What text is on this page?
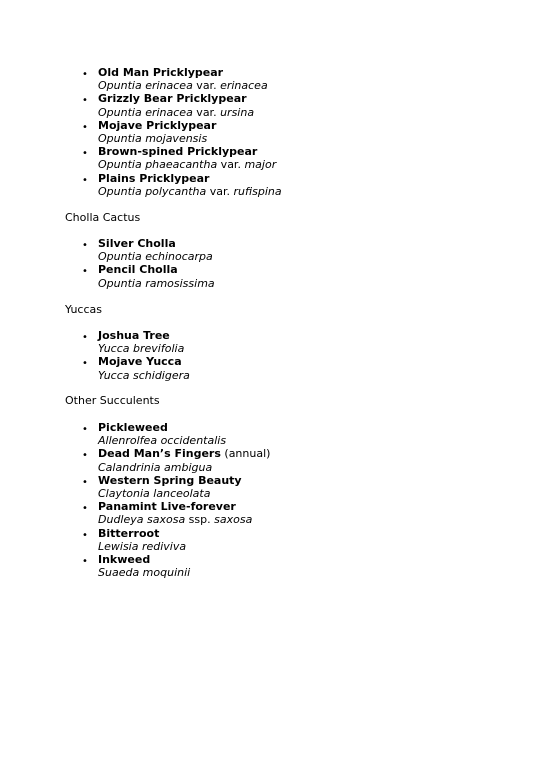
• Old Man Pricklypear
Opuntia erinacea var. erinacea
• Grizzly Bear Pricklypear
Opuntia erinacea var. ursina
• Mojave Pricklypear
Opuntia mojavensis
• Brown-spined Pricklypear
Opuntia phaeacantha var. major
• Plains Pricklypear
Opuntia polycantha var. rufispina

Cholla Cactus

• Silver Cholla
Opuntia echinocarpa
• Pencil Cholla
Opuntia ramosissima

Yuccas

• Joshua Tree
Yucca brevifolia
• Mojave Yucca
Yucca schidigera

Other Succulents

• Pickleweed
Allenrolfea occidentalis
• Dead Man’s Fingers (annual)
Calandrinia ambigua
• Western Spring Beauty
Claytonia lanceolata
• Panamint Live-forever
Dudleya saxosa ssp. saxosa
• Bitterroot
Lewisia rediviva
• Inkweed
Suaeda moquinii
